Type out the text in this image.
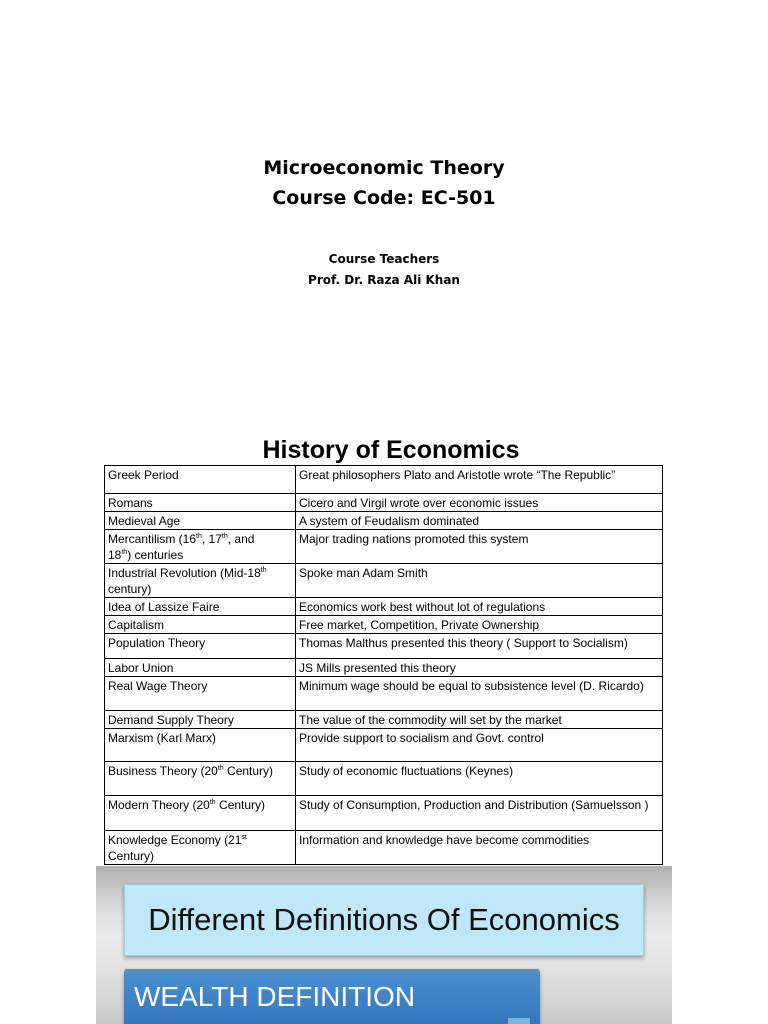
Microeconomic Theory
Course Code: EC-501
Course Teachers
Prof. Dr. Raza Ali Khan
History of Economics
Greek Period	Great philosophers Plato and Aristotle wrote “The Republic”
Romans	Cicero and Virgil wrote over economic issues
Medieval Age	A system of Feudalism dominated
Mercantilism (16th, 17th, and
18th) centuries	Major trading nations promoted this system
Industrial Revolution (Mid-18th
century)	Spoke man Adam Smith
Idea of Lassize Faire	Economics work best without lot of regulations
Capitalism	Free market, Competition, Private Ownership
Population Theory	Thomas Malthus presented this theory ( Support to Socialism)
Labor Union	JS Mills presented this theory
Real Wage Theory	Minimum wage should be equal to subsistence level (D. Ricardo)
Demand Supply Theory	The value of the commodity will set by the market
Marxism (Karl Marx)	Provide support to socialism and Govt. control
Business Theory (20th Century)	Study of economic fluctuations (Keynes)
Modern Theory (20th Century)	Study of Consumption, Production and Distribution (Samuelsson )
Knowledge Economy (21st
Century)	Information and knowledge have become commodities
Different Definitions Of Economics
WEALTH DEFINITION
